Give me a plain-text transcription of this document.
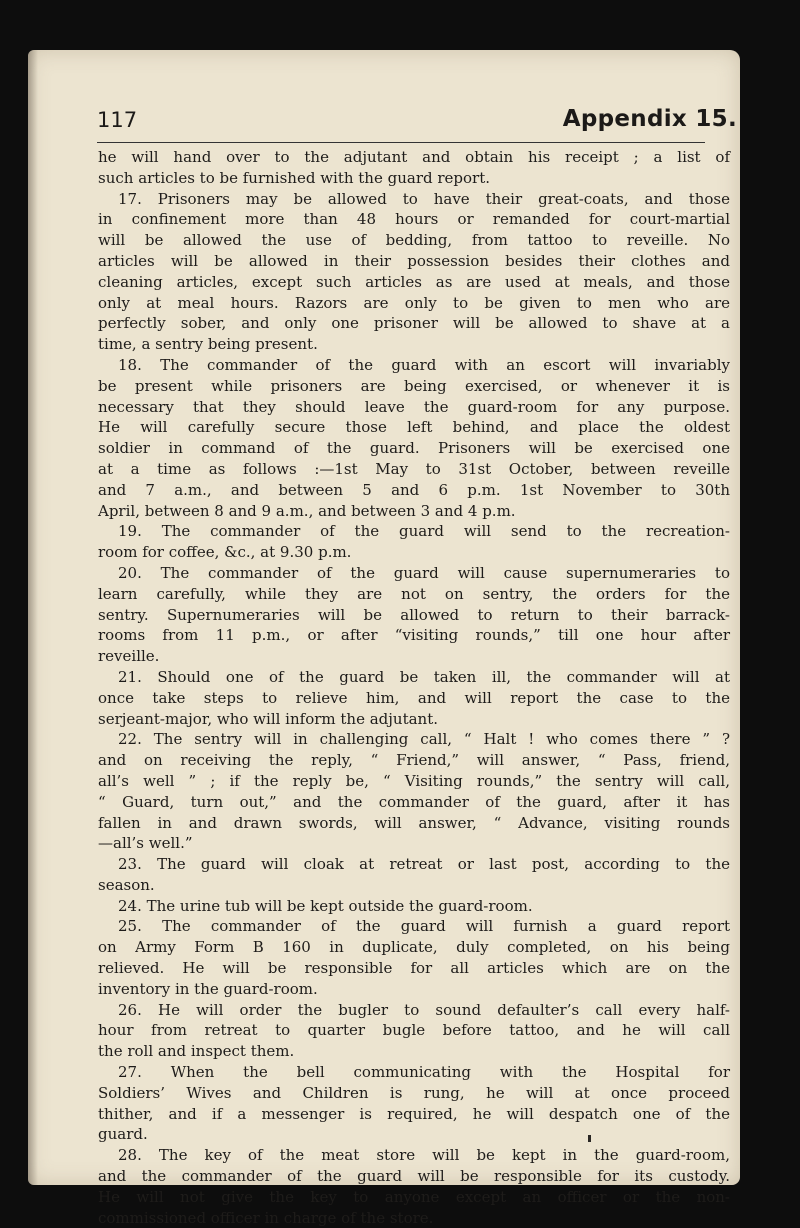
117	Appendix 15.
he will hand over to the adjutant and obtain his receipt ; a list of
such articles to be furnished with the guard report.
17. Prisoners may be allowed to have their great-coats, and those
in confinement more than 48 hours or remanded for court-martial
will be allowed the use of bedding, from tattoo to reveille. No
articles will be allowed in their possession besides their clothes and
cleaning articles, except such articles as are used at meals, and those
only at meal hours. Razors are only to be given to men who are
perfectly sober, and only one prisoner will be allowed to shave at a
time, a sentry being present.
18. The commander of the guard with an escort will invariably
be present while prisoners are being exercised, or whenever it is
necessary that they should leave the guard-room for any purpose.
He will carefully secure those left behind, and place the oldest
soldier in command of the guard. Prisoners will be exercised one
at a time as follows :—1st May to 31st October, between reveille
and 7 a.m., and between 5 and 6 p.m. 1st November to 30th
April, between 8 and 9 a.m., and between 3 and 4 p.m.
19. The commander of the guard will send to the recreation-
room for coffee, &c., at 9.30 p.m.
20. The commander of the guard will cause supernumeraries to
learn carefully, while they are not on sentry, the orders for the
sentry. Supernumeraries will be allowed to return to their barrack-
rooms from 11 p.m., or after “visiting rounds,” till one hour after
reveille.
21. Should one of the guard be taken ill, the commander will at
once take steps to relieve him, and will report the case to the
serjeant-major, who will inform the adjutant.
22. The sentry will in challenging call, “ Halt ! who comes there ” ?
and on receiving the reply, “ Friend,” will answer, “ Pass, friend,
all’s well ” ; if the reply be, “ Visiting rounds,” the sentry will call,
“ Guard, turn out,” and the commander of the guard, after it has
fallen in and drawn swords, will answer, “ Advance, visiting rounds
—all’s well.”
23. The guard will cloak at retreat or last post, according to the
season.
24. The urine tub will be kept outside the guard-room.
25. The commander of the guard will furnish a guard report
on Army Form B 160 in duplicate, duly completed, on his being
relieved. He will be responsible for all articles which are on the
inventory in the guard-room.
26. He will order the bugler to sound defaulter’s call every half-
hour from retreat to quarter bugle before tattoo, and he will call
the roll and inspect them.
27. When the bell communicating with the Hospital for
Soldiers’ Wives and Children is rung, he will at once proceed
thither, and if a messenger is required, he will despatch one of the
guard.
28. The key of the meat store will be kept in the guard-room,
and the commander of the guard will be responsible for its custody.
He will not give the key to anyone except an officer or the non-
commissioned officer in charge of the store.
